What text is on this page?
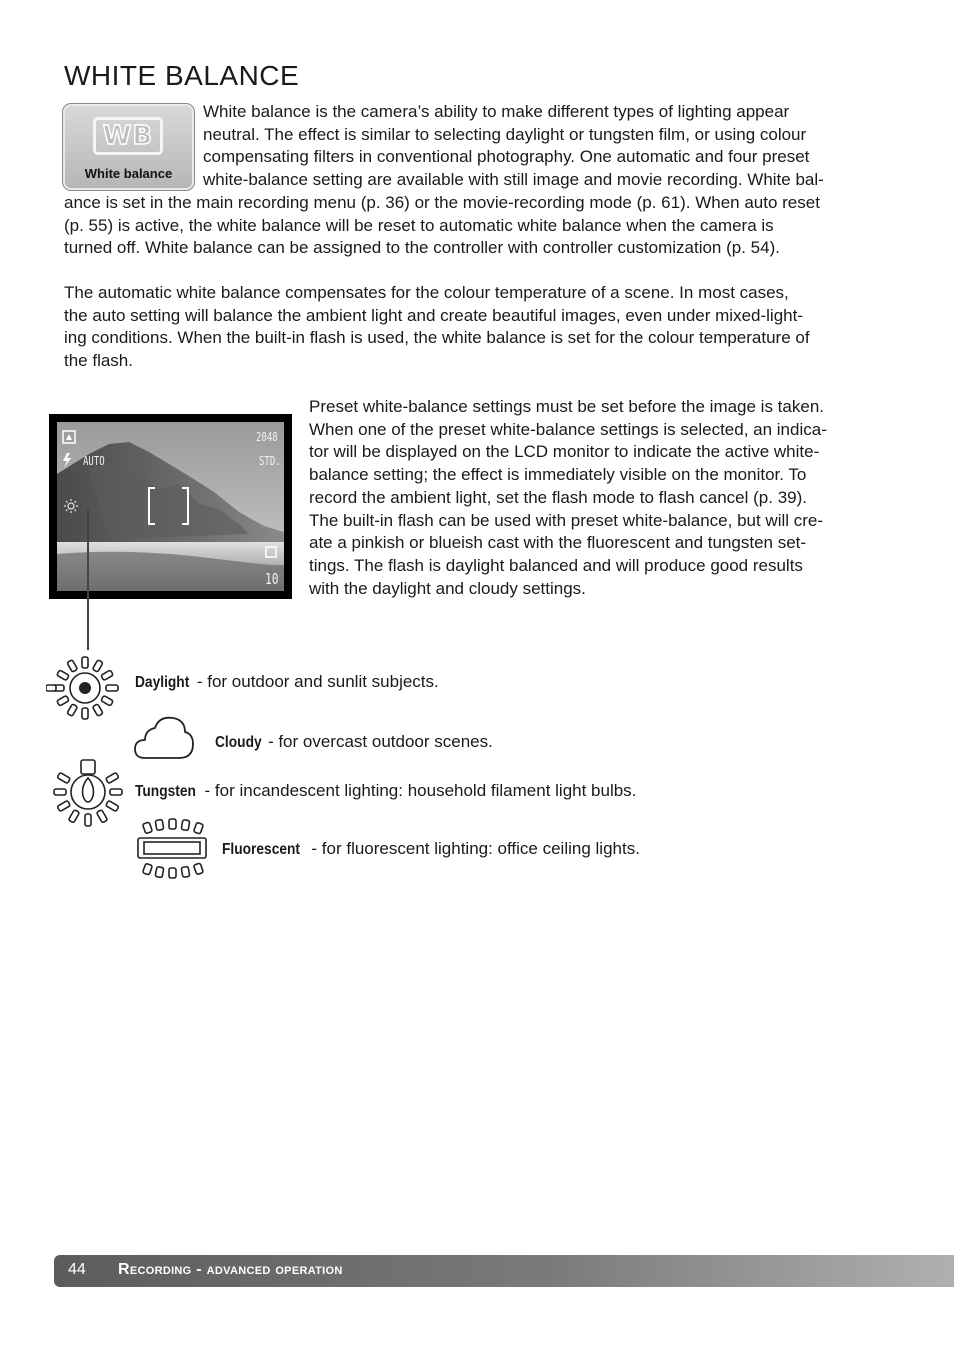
WHITE BALANCE
WB
White balance

White balance is the camera’s ability to make different types of lighting appear
neutral. The effect is similar to selecting daylight or tungsten film, or using colour
compensating filters in conventional photography. One automatic and four preset
white-balance setting are available with still image and movie recording. White bal-

ance is set in the main recording menu (p. 36) or the movie-recording mode (p. 61). When auto reset
(p. 55) is active, the white balance will be reset to automatic white balance when the camera is
turned off. White balance can be assigned to the controller with controller customization (p. 54).

The automatic white balance compensates for the colour temperature of a scene. In most cases,
the auto setting will balance the ambient light and create beautiful images, even under mixed-light-
ing conditions. When the built-in flash is used, the white balance is set for the colour temperature of
the flash.

Preset white-balance settings must be set before the image is taken.
When one of the preset white-balance settings is selected, an indica-
tor will be displayed on the LCD monitor to indicate the active white-
balance setting; the effect is immediately visible on the monitor. To
record the ambient light, set the flash mode to flash cancel (p. 39).
The built-in flash can be used with preset white-balance, but will cre-
ate a pinkish or blueish cast with the fluorescent and tungsten set-
tings. The flash is daylight balanced and will produce good results
with the daylight and cloudy settings.

AUTO
2048
STD.
10
Daylight - for outdoor and sunlit subjects.
Cloudy - for overcast outdoor scenes.
Tungsten - for incandescent lighting: household filament light bulbs.
Fluorescent - for fluorescent lighting: office ceiling lights.
44 Recording - advanced operation
